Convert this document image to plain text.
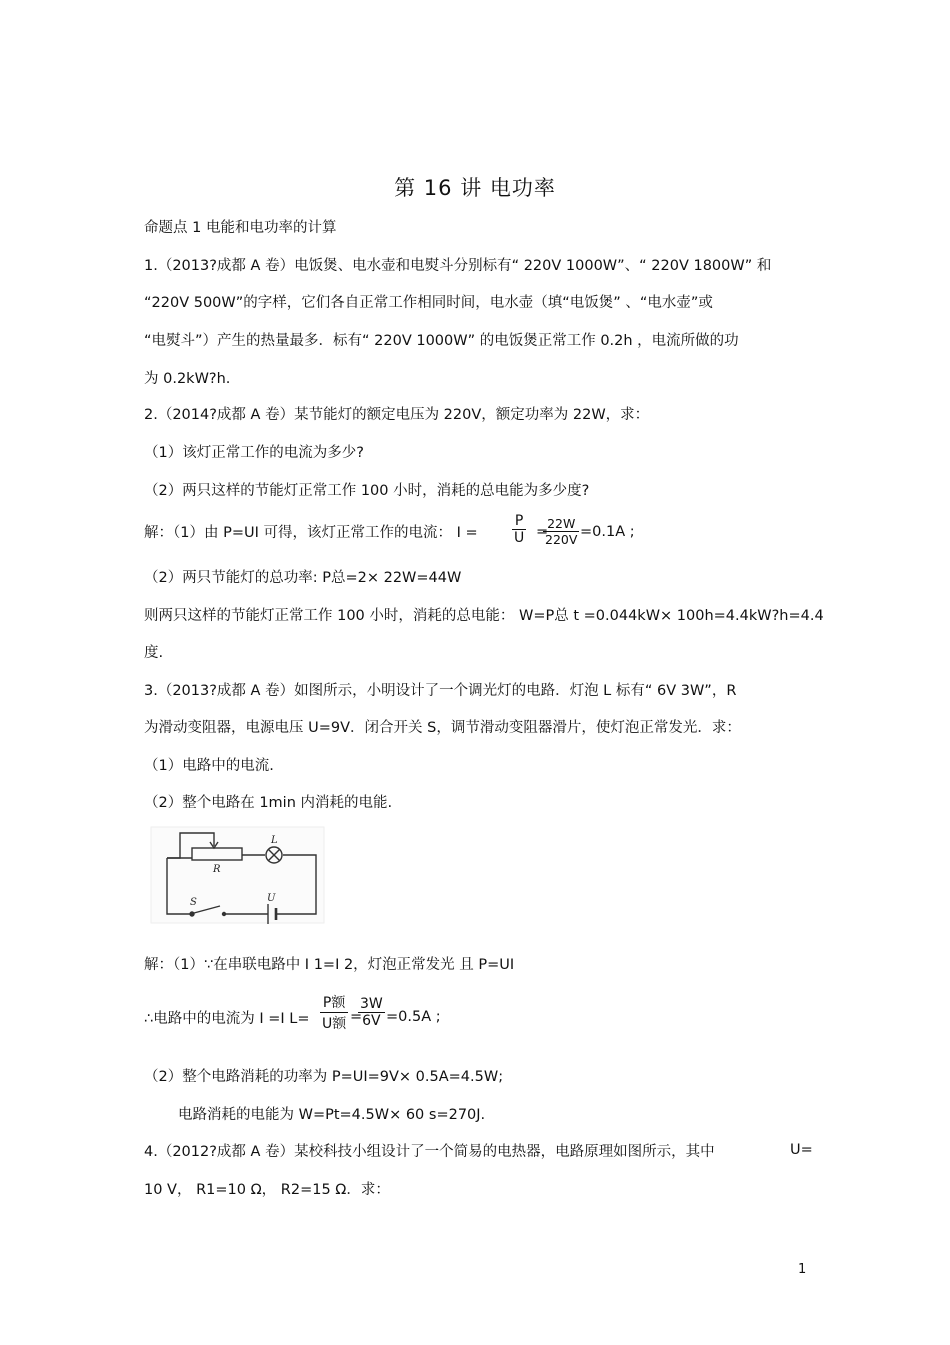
第 16 讲 电功率
命题点 1 电能和电功率的计算
1.（2013?成都 A 卷）电饭煲、电水壶和电熨斗分别标有“ 220V 1000W”、“ 220V 1800W” 和
“220V 500W”的字样，它们各自正常工作相同时间，电水壶（填“电饭煲” 、“电水壶”或
“电熨斗”）产生的热量最多．标有“ 220V 1000W” 的电饭煲正常工作 0.2h ，电流所做的功
为 0.2kW?h.
2.（2014?成都 A 卷）某节能灯的额定电压为 220V，额定功率为 22W，求：
（1）该灯正常工作的电流为多少?
（2）两只这样的节能灯正常工作 100 小时，消耗的总电能为多少度?
解：（1）由 P=UI 可得，该灯正常工作的电流： $I = \frac{P}{U}$ =
$\frac{22W}{220V} =0.1A$ ;
（2）两只节能灯的总功率: P总=2× 22W=44W
则两只这样的节能灯正常工作 100 小时，消耗的总电能： W=P总 t =0.044kW× 100h=4.4kW?h=4.4
度.
3.（2013?成都 A 卷）如图所示，小明设计了一个调光灯的电路．灯泡 L 标有“ 6V 3W”，R
为滑动变阻器，电源电压 U=9V．闭合开关 S，调节滑动变阻器滑片，使灯泡正常发光．求：
（1）电路中的电流.
（2）整个电路在 1min 内消耗的电能.
L
R
S	U
解：（1）∵在串联电路中 I 1=I 2，灯泡正常发光 且 P=UI
∴电路中的电流为 I =I L=
P额
U额 =
$\frac{3W}{6V} =0.5A$ ;
（2）整个电路消耗的功率为 P=UI=9V× 0.5A=4.5W;
电路消耗的电能为 W=Pt=4.5W× 60 s=270J.
4.（2012?成都 A 卷）某校科技小组设计了一个简易的电热器，电路原理如图所示，其中	U=
10 V， R1=10 Ω， R2=15 Ω．求：
1
